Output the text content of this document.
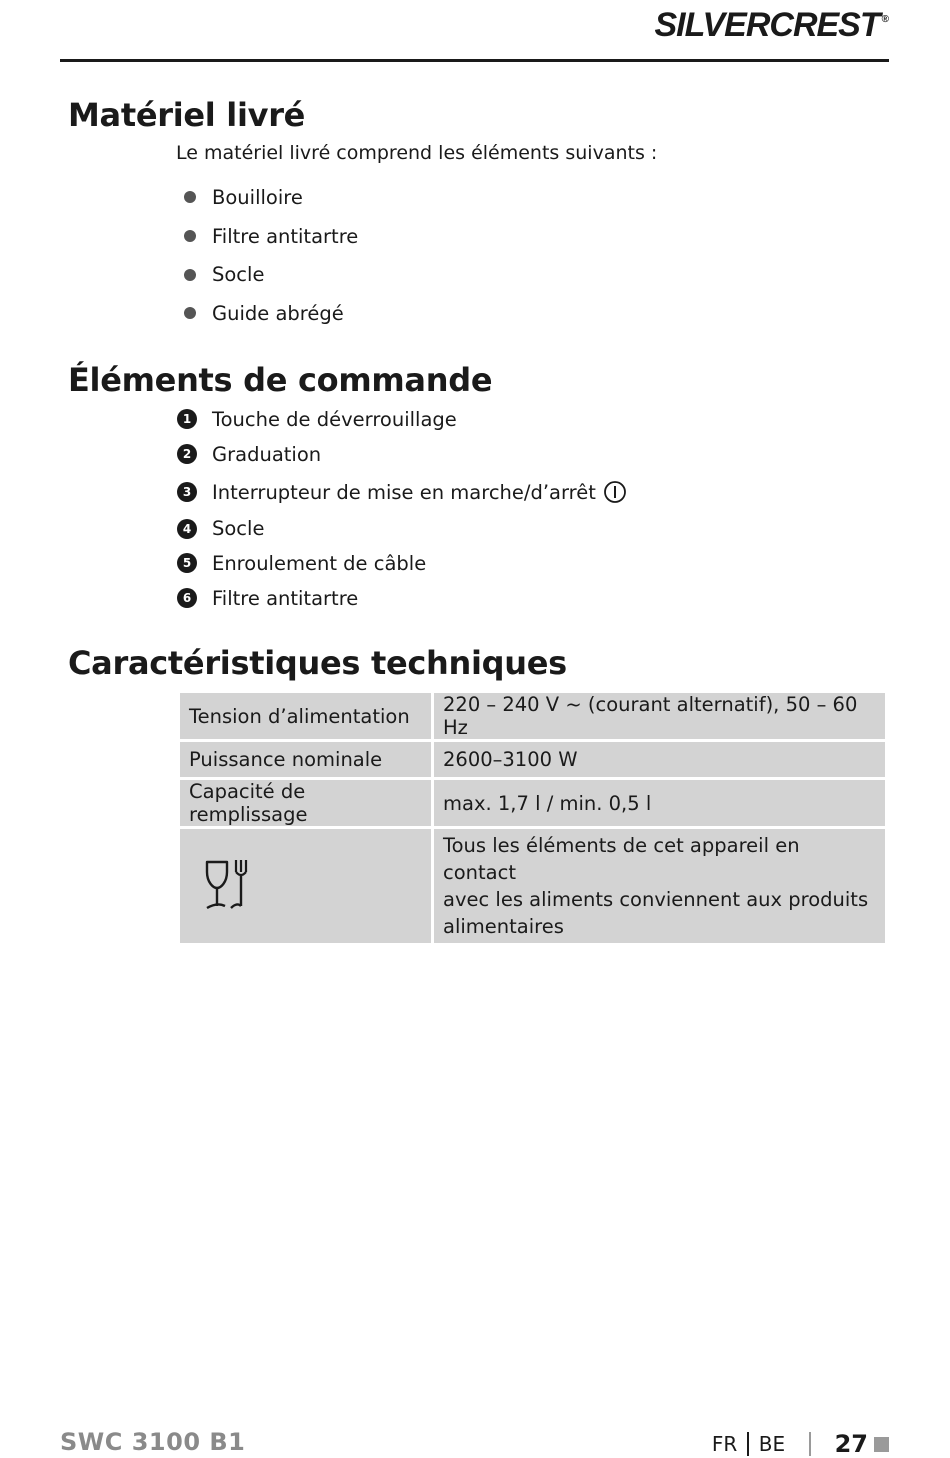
SILVERCREST ®
Matériel livré

Le matériel livré comprend les éléments suivants :

Bouilloire
Filtre antitartre
Socle
Guide abrégé
Éléments de commande
1 Touche de déverrouillage
2 Graduation
3 Interrupteur de mise en marche/d’arrêt
4 Socle
5 Enroulement de câble
6 Filtre antitartre
Caractéristiques techniques
Tension d’alimentation	220 – 240 V ~ (courant alternatif), 50 – 60 Hz
Puissance nominale	2600–3100 W
Capacité de remplissage	max. 1,7 l / min. 0,5 l

Tous les éléments de cet appareil en contact
avec les aliments conviennent aux produits
alimentaires
SWC 3100 B1	FR BE 27
